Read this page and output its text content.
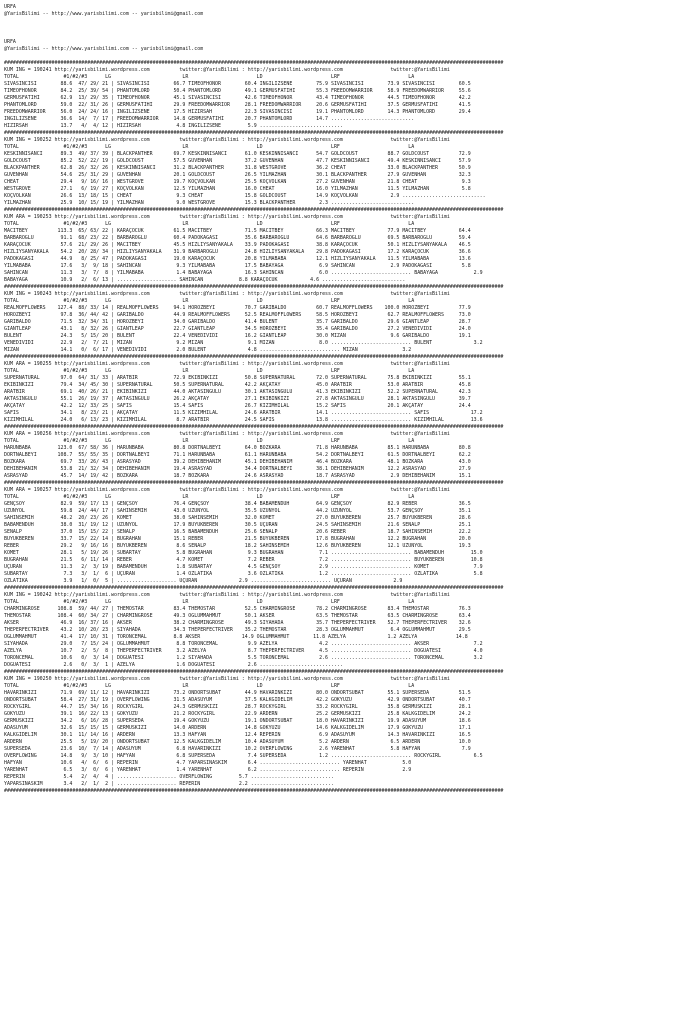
URFA
@YarisBilimi -- http://www.yarisbilimi.com -- yarisbilimi@gmail.com
URFA
@YarisBilimi -- http://www.yarisbilimi.com -- yarisbilimi@gmail.com
########################################################################################################################################################################
KUM ING = 190241 http://yarisbilimi.wordpress.com          twitter:@YarisBilimi : http://yarisbilimi.wordpress.com                twitter:@YarisBilimi
TOTAL               #1/#2/#3      LG                        LR                       LD                       LRF                       LA
SIVASINCISI        88.6  47/ 29/ 21 | SIVASINCISI        66.7 TIMEOFHONOR        60.4 INGILIZSENE        75.9 SIVASINCISI        73.9 SIVASINCISI        60.5
TIMEOFHONOR        84.2  25/ 39/ 54 | PHANTOMLORD        50.4 PHANTOMLORD        49.1 GERMUSFATIHI       55.3 FREEDOMWARRIOR     58.9 FREEDOMWARRIOR     55.6
GERMUSFATIHI       62.9  13/ 29/ 35 | TIMEOFHONOR        45.1 SIVASINCISI        42.6 TIMEOFHONOR        43.4 TIMEOFHONOR        44.5 TIMEOFHONOR        42.2
PHANTOMLORD        59.0  22/ 31/ 26 | GERMUSFATIHI       29.9 FREEDOMWARRIOR     28.1 FREEDOMWARRIOR     20.6 GERMUSFATIHI       37.5 GERMUSFATIHI       41.5
FREEDOMWARRIOR     56.0  24/ 24/ 16 | INGILIZSENE        17.5 HIZIRSAH           22.3 SIVASINCISI        19.1 PHANTOMLORD        14.3 PHANTOMLORD        29.4
INGILIZSENE        36.6  14/  7/ 17 | FREEDOMWARRIOR     14.8 GERMUSFATIHI       20.7 PHANTOMLORD        14.7 ............................
HIZIRSAH           13.7   4/  4/ 12 | HIZIRSAH            4.8 INGILIZSENE         5.9 ............................
########################################################################################################################################################################
KUM ING = 190252 http://yarisbilimi.wordpress.com          twitter:@YarisBilimi : http://yarisbilimi.wordpress.com                twitter:@YarisBilimi
TOTAL               #1/#2/#3      LG                        LR                       LD                       LRF                       LA
KESKINNISANCI      89.3  49/ 37/ 39 | BLACKPANTHER       69.7 KESKINNISANCI      61.0 KESKINNISANCI      54.7 GOLDCOUST          88.7 GOLDCOUST          72.9
GOLDCOUST          85.2  52/ 22/ 19 | GOLDCOUST          57.5 GÜVENHAN           37.2 GÜVENHAN           47.7 KESKINNISANCI      49.4 KESKINNISANCI      57.9
BLACKPANTHER       62.8  26/ 32/ 26 | KESKINNISANCI      31.2 BLACKPANTHER       31.8 WESTGROVE          36.2 CHEAT              33.0 BLACKPANTHER       50.9
GÜVENHAN           54.6  25/ 31/ 29 | GÜVENHAN           20.1 GOLDCOUST          26.5 YILMAZHAN          30.1 BLACKPANTHER       27.9 GÜVENHAN           32.3
CHEAT              29.4   9/ 16/ 16 | WESTGROVE          19.7 KOÇVOLKAN          25.5 KOÇVOLKAN          27.2 GÜVENHAN           21.8 CHEAT               9.3
WESTGROVE          27.1   6/ 19/ 27 | KOÇVOLKAN          12.5 YILMAZHAN          16.0 CHEAT              16.0 YILMAZHAN          11.5 YILMAZHAN           5.8
KOÇVOLKAN          26.6  13/ 18/ 15 | CHEAT               9.3 CHEAT              15.8 GOLDCOUST          14.9 KOÇVOLKAN           2.9 ............................
YILMAZHAN          25.9  10/ 15/ 19 | YILMAZHAN           9.0 WESTGROVE          15.3 BLACKPANTHER        2.3 ............................
########################################################################################################################################################################
KUM ARA = 190253 http://yarisbilimi.wordpress.com          twitter:@YarisBilimi : http://yarisbilimi.wordpress.com                twitter:@YarisBilimi
TOTAL               #1/#2/#3      LG                        LR                       LD                       LRF                       LA
MACITBEY          113.3  65/ 63/ 22 | KARAÇOCUK          61.5 MACITBEY           71.5 MACITBEY           66.3 MACITBEY           77.9 MACITBEY           64.4
BARBAROGLU         91.1  68/ 23/ 22 | BARBAROGLU         60.4 PADOKAGASI         35.6 BARBAROGLU         64.6 BARBAROGLU         69.5 BARBAROGLU         59.4
KARAÇOCUK          57.6  21/ 29/ 26 | MACITBEY           45.5 HIZLIYSANYAKALA    33.9 PADOKAGASI         38.8 KARAÇOCUK          50.1 HIZLIYSANYAKALA    46.5
HIZLIYSANYAKALA    54.2  20/ 28/ 34 | HIZLIYSANYAKALA    31.9 BARBAROGLU         24.8 HIZLIYSANYAKALA    29.8 PADOKAGASI         17.2 KARAÇOCUK          36.6
PADOKAGASI         44.9   8/ 25/ 47 | PADOKAGASI         19.0 KARAÇOCUK          20.8 YILMABABA          12.1 HIZLIYSANYAKALA    11.5 YILMABABA          13.6
YILMABABA          17.6   3/  9/ 18 | SAHINCAN            9.3 YILMABABA          17.5 BABAYAGA            6.9 SAHINCAN            2.9 PADOKAGASI          5.8
SAHINCAN           11.3   3/  7/  8 | YILMABABA           1.4 BABAYAGA           16.3 SAHINCAN            6.0 ........................... BABAYAGA            2.9
BABAYAGA           10.9   2/  6/ 13 | .................... SAHINCAN            8.8 KARAÇOCUK           4.6 ............................
########################################################################################################################################################################
KUM ING = 190243 http://yarisbilimi.wordpress.com          twitter:@YarisBilimi : http://yarisbilimi.wordpress.com                twitter:@YarisBilimi
TOTAL               #1/#2/#3      LG                        LR                       LD                       LRF                       LA
REALMOFFLOWERS    127.4  88/ 33/ 14 | REALMOFFLOWERS     94.1 HOROZBEYI          70.7 GARIBALDO          60.7 REALMOFFLOWERS    100.0 HOROZBEYI          77.9
HOROZBEYI          97.8  36/ 44/ 42 | GARIBALDO          44.9 REALMOFFLOWERS     52.5 REALMOFFLOWERS     58.5 HOROZBEYI          62.7 REALMOFFLOWERS     73.0
GARIBALDO          71.5  32/ 34/ 31 | HOROZBEYI          34.0 GARIBALDO          41.4 BÜLENT             35.7 GARIBALDO          29.6 GIANTLEAP          28.7
GIANTLEAP          43.1   8/ 32/ 26 | GIANTLEAP          22.7 GIANTLEAP          34.5 HOROZBEYI          35.4 GARIBALDO          27.2 VENEDIVIDI         24.0
BÜLENT             24.3   5/ 15/ 20 | BÜLENT             22.4 VENEDIVIDI         16.2 GIANTLEAP          30.0 MIZAN               9.6 GARIBALDO          19.1
VENEDIVIDI         22.9   2/  7/ 21 | MIZAN               9.2 MIZAN               9.1 MIZAN               8.0 ........................... BÜLENT              3.2
MIZAN              14.1   0/  6/ 17 | VENEDIVIDI          2.0 BÜLENT              4.8 ........................... MIZAN               3.2
########################################################################################################################################################################
KUM ARA = 190255 http://yarisbilimi.wordpress.com          twitter:@YarisBilimi : http://yarisbilimi.wordpress.com                twitter:@YarisBilimi
TOTAL               #1/#2/#3      LG                        LR                       LD                       LRF                       LA
SUPERNATURAL       97.0  64/ 31/ 33 | ARATBIR            72.9 EKIBINKIZI         50.8 SUPERNATURAL       72.0 SUPERNATURAL       75.8 EKIBINKIZI         55.1
EKIBINKIZI         79.4  34/ 45/ 30 | SUPERNATURAL       50.5 SUPERNATURAL       42.2 AKÇATAY            45.0 ARATBIR            53.0 ARATBIR            45.8
ARATBIR            69.1  40/ 26/ 21 | EKIBINKIZI         44.0 AKTASINGÜLÜ        30.1 AKTASINGÜLÜ        41.3 EKIBINKIZI         52.2 SUPERNATURAL       42.3
AKTASINGÜLÜ        55.1  26/ 19/ 37 | AKTASINGÜLÜ        26.2 AKÇATAY            27.1 EKIBINKIZI         27.8 AKTASINGÜLÜ        28.1 AKTASINGÜLÜ        39.7
AKÇATAY            42.2  12/ 33/ 25 | SAFIS              15.4 SAFIS              26.7 KIZIMHILAL         15.2 SAFIS              20.1 AKÇATAY            24.4
SAFIS              34.1   8/ 23/ 21 | AKÇATAY            11.5 KIZIMHILAL         24.6 ARATBIR            14.1 ........................... SAFIS              17.2
KIZIMHILAL         24.0   6/ 13/ 23 | KIZIMHILAL          8.7 ARATBIR            24.5 SAFIS              13.8 ........................... KIZIMHILAL         13.6
########################################################################################################################################################################
KUM ARA = 190256 http://yarisbilimi.wordpress.com          twitter:@YarisBilimi : http://yarisbilimi.wordpress.com                twitter:@YarisBilimi
TOTAL               #1/#2/#3      LG                        LR                       LD                       LRF                       LA
HARUNBABA         123.0  67/ 58/ 36 | HARUNBABA          80.8 DÖRTNALBEYI        64.0 BOZKARA            71.8 HARUNBABA          85.1 HARUNBABA          80.8
DÖRTNALBEYI       108.7  55/ 55/ 35 | DÖRTNALBEYI        71.1 HARUNBABA          61.1 HARUNBABA          54.2 DÖRTNALBEYI        61.5 DÖRTNALBEYI        62.2
BOZKARA            69.7  33/ 26/ 43 | ASRASYAD           39.2 DEHIBEHANIM        45.1 DEHIBEHANIM        46.4 BOZKARA            48.1 BOZKARA            43.0
DEHIBEHANIM        53.8  21/ 32/ 34 | DEHIBEHANIM        19.4 ASRASYAD           34.4 DÖRTNALBEYI        38.1 DEHIBEHANIM        12.2 ASRASYAD           27.9
ASRASYAD           45.7  14/ 19/ 42 | BOZKARA            18.7 BOZKARA            24.6 ASRASYAD           18.7 ASRASYAD            2.9 DEHIBEHANIM        15.1
########################################################################################################################################################################
KUM ARA = 190257 http://yarisbilimi.wordpress.com          twitter:@YarisBilimi : http://yarisbilimi.wordpress.com                twitter:@YarisBilimi
TOTAL               #1/#2/#3      LG                        LR                       LD                       LRF                       LA
GENÇSOY            82.9  59/ 17/ 13 | GENÇSOY            76.4 GENÇSOY            38.4 BABAMENDUH         64.9 GENÇSOY            82.9 REBER              36.5
UZUNYOL            59.8  24/ 44/ 17 | SAHINSEMIH         43.0 UZUNYOL            35.5 UZUNYOL            44.2 UZUNYOL            53.7 GENÇSOY            35.1
SAHINSEMIH         48.2  20/ 23/ 26 | KOMET              38.0 SAHINSEMIH         32.0 KOMET              27.0 BÜYÜKBEREN         25.7 BÜYÜKBEREN         28.6
BABAMENDUH         38.0  31/ 19/ 12 | UZUNYOL            17.9 BÜYÜKBEREN         30.5 UÇURAN             24.5 SAHINSEMIH         21.6 SENALP             25.1
SENALP             37.0  15/ 15/ 22 | SENALP             16.5 BABAMENDUH         25.6 SENALP             20.6 REBER              18.7 SAHINSEMIH         22.2
BÜYÜKBEREN         33.7  15/ 22/ 14 | BUGRAHAN           15.1 REBER              21.5 BÜYÜKBEREN         17.8 BUGRAHAN           12.2 BUGRAHAN           20.0
REBER              29.2   9/ 16/ 16 | BÜYÜKBEREN          8.6 SENALP             18.2 SAHINSEMIH         12.6 BÜYÜKBEREN         12.1 UZUNYOL            19.3
KOMET              28.1   5/ 19/ 26 | SUBARTAY            5.8 BUGRAHAN            9.3 BUGRAHAN            7.1 ........................... BABAMENDUH         15.0
BUGRAHAN           21.5   6/ 11/ 14 | REBER               4.7 KOMET               7.2 REBER               7.2 ........................... BÜYÜKBEREN         10.8
UÇURAN             11.3   2/  3/ 19 | BABAMENDUH          1.8 SUBARTAY            4.5 GENÇSOY             2.9 ........................... KOMET               7.9
SUBARTAY            7.3   3/  1/  6 | UÇURAN              1.4 ÖZLATIKA            3.6 ÖZLATIKA            1.2 ........................... ÖZLATIKA            5.8
ÖZLATIKA            3.9   1/  0/  5 | .................... UÇURAN              2.9 ........................... UÇURAN              2.9
########################################################################################################################################################################
KUM ING = 190242 http://yarisbilimi.wordpress.com          twitter:@YarisBilimi : http://yarisbilimi.wordpress.com                twitter:@YarisBilimi
TOTAL               #1/#2/#3      LG                        LR                       LD                       LRF                       LA
CHARMINGROSE      108.8  59/ 44/ 27 | THEMOSTAR          83.4 THEMOSTAR          52.5 CHARMINGROSE       78.2 CHARMINGROSE       83.4 THEMOSTAR          76.3
THEMOSTAR         108.4  60/ 34/ 27 | CHARMINGROSE       49.3 OGLUMMAHMUT        50.1 AKSER              63.5 THEMOSTAR          63.5 CHARMINGROSE       63.4
AKSER              46.9  16/ 37/ 16 | AKSER              38.2 CHARMINGROSE       49.3 SIYAHADA           35.7 THEPERFECTRIVER    52.7 THEPERFECTRIVER    32.6
THEPERFECTRIVER    43.2  10/ 20/ 23 | SIYAHADA           34.3 THEPERFECTRIVER    35.2 THEMOSTAR          28.3 OGLUMMAHMUT         6.4 OGLUMMAHMUT        29.5
OGLUMMAHMUT        41.4  17/ 10/ 31 | TORONCEMAL         8.8 AKSER              14.9 OGLUMMAHMUT        11.8 AZELYA              1.2 AZELYA             14.8
SIYAHADA           29.0   7/ 15/ 24 | OGLUMMAHMUT         8.8 TORONCEMAL          9.9 AZELYA              4.2 ........................... AKSER               7.2
AZELYA             10.7   2/  5/  8 | THEPERFECTRIVER     3.2 AZELYA              8.7 THEPERFECTRIVER     4.5 ........................... DOGUATESI           4.0
TORONCEMAL         10.6   0/  3/ 14 | DOGUATESI           1.2 SIYAHADA            5.5 TORONCEMAL          2.6 ........................... TORONCEMAL          3.2
DOGUATESI           2.6   0/  3/  1 | AZELYA              1.6 DOGUATESI           2.6 ............................
########################################################################################################################################################################
KUM ING = 190250 http://yarisbilimi.wordpress.com          twitter:@YarisBilimi : http://yarisbilimi.wordpress.com                twitter:@YarisBilimi
TOTAL               #1/#2/#3      LG                        LR                       LD                       LRF                       LA
HAVARINKIZI        71.9  69/ 11/ 12 | HAVARINKIZI        73.2 ONDÖRTSUBAT        44.9 HAVARINKIZI        80.0 ONDÖRTSUBAT        55.1 SÜPERSEDA          51.5
ONDÖRTSUBAT        58.4  27/ 31/ 19 | OVERFLOWING        31.5 ADASUYUM           37.5 KALKGIDELIM        42.2 GÖKYÜZÜ            42.9 ONDÖRTSUBAT        40.7
ROCKYGIRL          44.7  15/ 34/ 16 | ROCKYGIRL          24.3 GERMUSKIZI         28.7 ROCKYGIRL          33.2 ROCKYGIRL          35.8 GERMUSKIZI         28.1
GÖKYÜZÜ            39.1  16/ 22/ 13 | GÖKYÜZÜ            21.2 ROCKYGIRL          22.9 ARDERN             25.2 GERMUSKIZI         25.8 KALKGIDELIM        24.2
GERMUSKIZI         34.2   6/ 16/ 28 | SÜPERSEDA          19.4 GÖKYÜZÜ            19.1 ONDÖRTSUBAT        18.0 HAVARINKIZI        19.9 ADASUYUM           18.6
ADASUYUM           32.6  15/ 15/ 15 | GERMUSKIZI         14.0 ARDERN             14.8 GÖKYÜZÜ            14.6 KALKGIDELIM        17.9 GÖKYÜZÜ            17.1
KALKGIDELIM        30.1  11/ 14/ 16 | ARDERN             13.3 HAFYAN             12.4 REPERIN             6.9 ADASUYUM           14.3 HAVARINKIZI        16.5
ARDERN             25.5   5/ 19/ 20 | ONDÖRTSUBAT        12.5 KALKGIDELIM        10.4 ADASUYUM            5.2 ARDERN              6.5 ARDERN             10.0
SÜPERSEDA          23.6  10/  7/ 14 | ADASUYUM            6.8 HAVARINKIZI        10.2 OVERFLOWING         2.6 YARENHAT            5.8 HAFYAN              7.9
OVERFLOWING        14.8   9/  3/ 10 | HAFYAN              6.8 SÜPERSEDA           7.4 SÜPERSEDA           1.2 ........................... ROCKYGIRL           6.5
HAFYAN             10.6   4/  6/  6 | REPERIN             4.7 YAPARSINASKIM       6.4 ........................... YARENHAT            5.0
YARENHAT            6.5   3/  0/  6 | YARENHAT            1.4 YARENHAT            6.2 ........................... REPERIN             2.9
REPERIN             5.4   2/  4/  4 | .................... OVERFLOWING         5.7 ............................
YAPARSINASKIM       3.4   2/  1/  2 | .................... REPERIN             2.2 ............................
########################################################################################################################################################################
